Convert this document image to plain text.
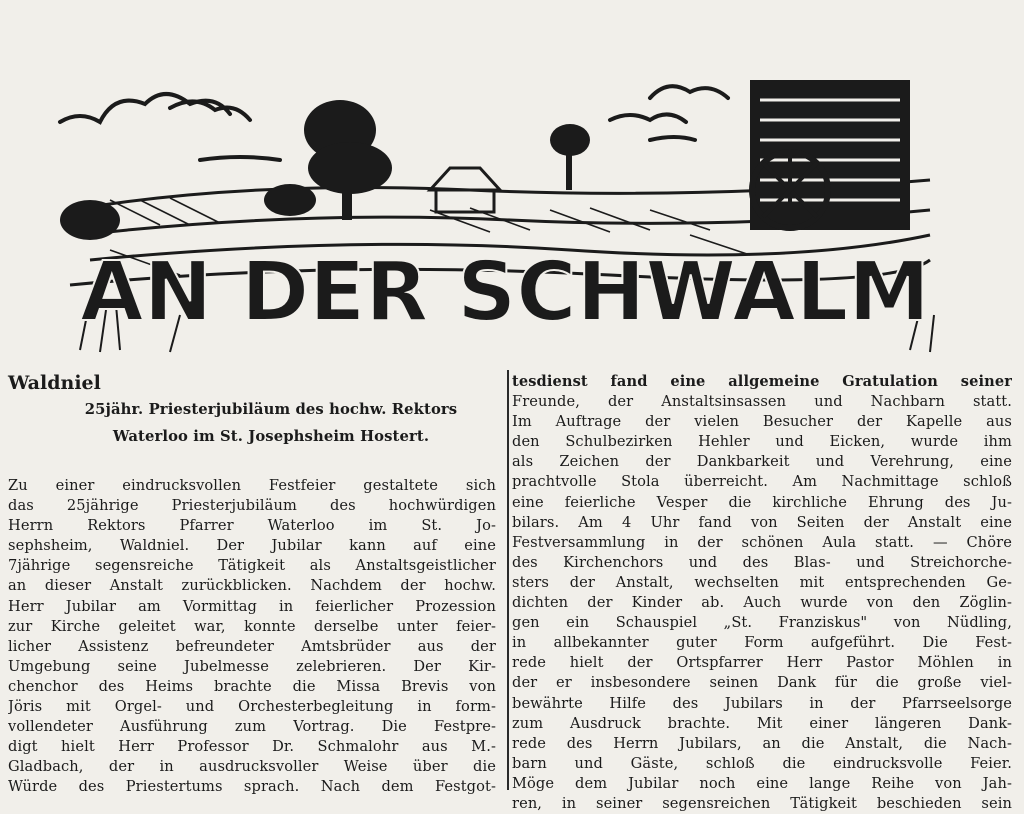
AN DER SCHWALM
Waldniel
25jähr. Priesterjubiläum des hochw. Rektors
Waterloo im St. Josephsheim Hostert.
Zu einer eindrucksvollen Festfeier gestaltete sich
das 25jährige Priesterjubiläum des hochwürdigen
Herrn Rektors Pfarrer Waterloo im St. Jo-
sephsheim, Waldniel. Der Jubilar kann auf eine
7jährige segensreiche Tätigkeit als Anstaltsgeistlicher
an dieser Anstalt zurückblicken. Nachdem der hochw.
Herr Jubilar am Vormittag in feierlicher Prozession
zur Kirche geleitet war, konnte derselbe unter feier-
licher Assistenz befreundeter Amtsbrüder aus der
Umgebung seine Jubelmesse zelebrieren. Der Kir-
chenchor des Heims brachte die Missa Brevis von
Jöris mit Orgel- und Orchesterbegleitung in form-
vollendeter Ausführung zum Vortrag. Die Festpre-
digt hielt Herr Professor Dr. Schmalohr aus M.-
Gladbach, der in ausdrucksvoller Weise über die
Würde des Priestertums sprach. Nach dem Festgot-
tesdienst fand eine allgemeine Gratulation seiner
Freunde, der Anstaltsinsassen und Nachbarn statt.
Im Auftrage der vielen Besucher der Kapelle aus
den Schulbezirken Hehler und Eicken, wurde ihm
als Zeichen der Dankbarkeit und Verehrung, eine
prachtvolle Stola überreicht. Am Nachmittage schloß
eine feierliche Vesper die kirchliche Ehrung des Ju-
bilars. Am 4 Uhr fand von Seiten der Anstalt eine
Festversammlung in der schönen Aula statt. — Chöre
des Kirchenchors und des Blas- und Streichorche-
sters der Anstalt, wechselten mit entsprechenden Ge-
dichten der Kinder ab. Auch wurde von den Zöglin-
gen ein Schauspiel „St. Franziskus" von Nüdling,
in allbekannter guter Form aufgeführt. Die Fest-
rede hielt der Ortspfarrer Herr Pastor Möhlen in
der er insbesondere seinen Dank für die große viel-
bewährte Hilfe des Jubilars in der Pfarrseelsorge
zum Ausdruck brachte. Mit einer längeren Dank-
rede des Herrn Jubilars, an die Anstalt, die Nach-
barn und Gäste, schloß die eindrucksvolle Feier.
Möge dem Jubilar noch eine lange Reihe von Jah-
ren, in seiner segensreichen Tätigkeit beschieden sein
